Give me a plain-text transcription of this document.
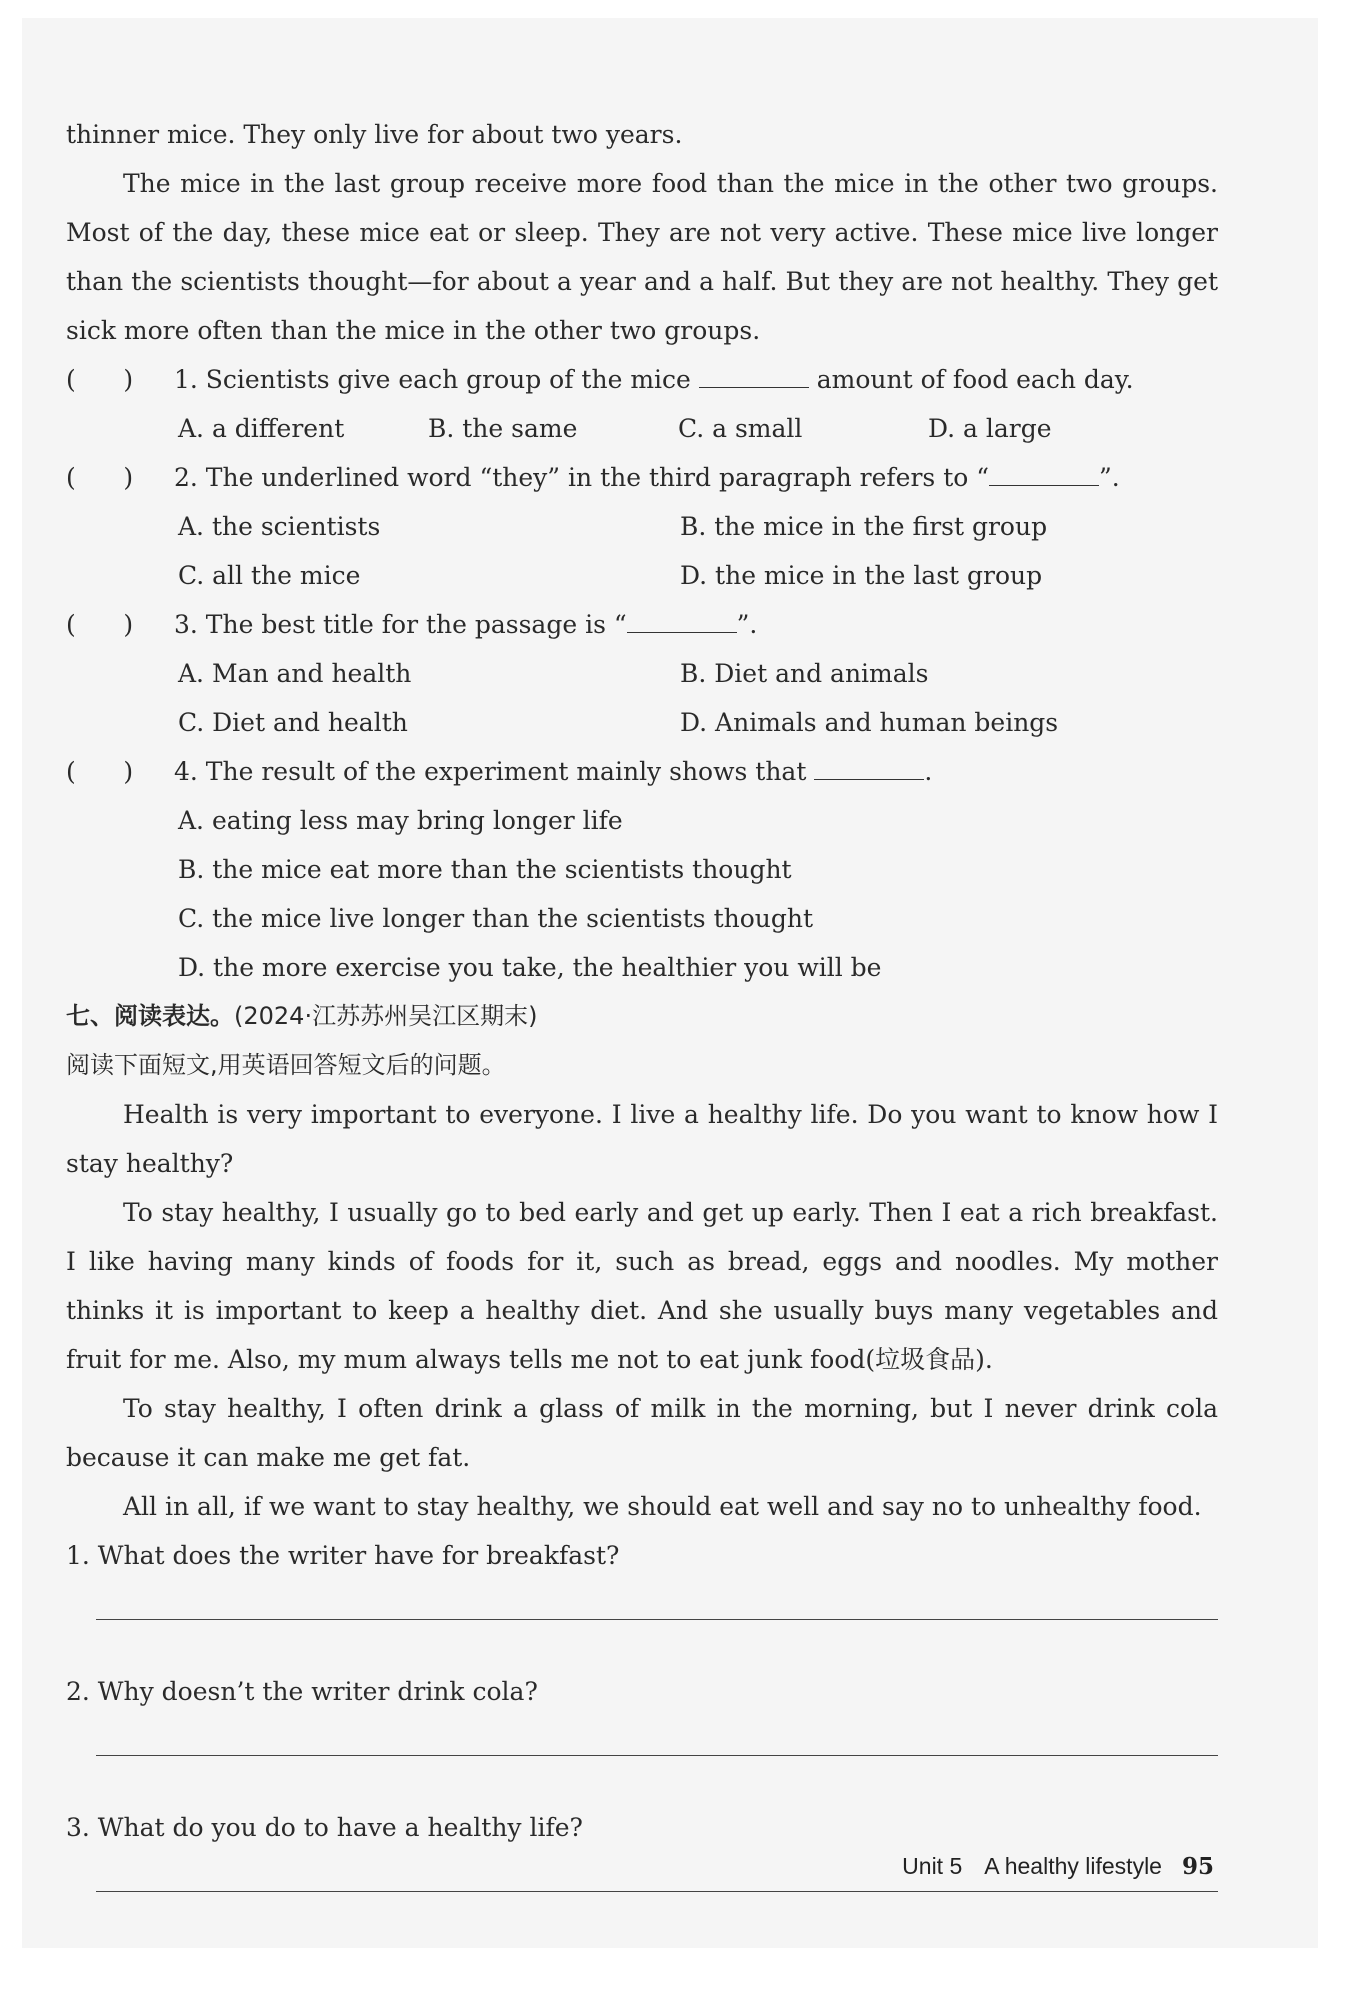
thinner mice. They only live for about two years.

The mice in the last group receive more food than the mice in the other two groups. Most of the day, these mice eat or sleep. They are not very active. These mice live longer than the scientists thought—for about a year and a half. But they are not healthy. They get sick more often than the mice in the other two groups.

(      )	1. Scientists give each group of the mice	amount of food each day.

A. a different	B. the same	C. a small	D. a large

(      )	2. The underlined word “they” in the third paragraph refers to “	”.

A. the scientists	B. the mice in the first group
C. all the mice	D. the mice in the last group

(      )	3. The best title for the passage is “	”.

A. Man and health	B. Diet and animals
C. Diet and health	D. Animals and human beings

(      )	4. The result of the experiment mainly shows that	.

A. eating less may bring longer life

B. the mice eat more than the scientists thought

C. the mice live longer than the scientists thought

D. the more exercise you take, the healthier you will be

七、阅读表达。(2024·江苏苏州吴江区期末)

阅读下面短文,用英语回答短文后的问题。

Health is very important to everyone. I live a healthy life. Do you want to know how I stay healthy?

To stay healthy, I usually go to bed early and get up early. Then I eat a rich breakfast. I like having many kinds of foods for it, such as bread, eggs and noodles. My mother thinks it is important to keep a healthy diet. And she usually buys many vegetables and fruit for me. Also, my mum always tells me not to eat junk food(垃圾食品).

To stay healthy, I often drink a glass of milk in the morning, but I never drink cola because it can make me get fat.

All in all, if we want to stay healthy, we should eat well and say no to unhealthy food.

1. What does the writer have for breakfast?

2. Why doesn’t the writer drink cola?

3. What do you do to have a healthy life?

Unit 5 A healthy lifestyle 95
